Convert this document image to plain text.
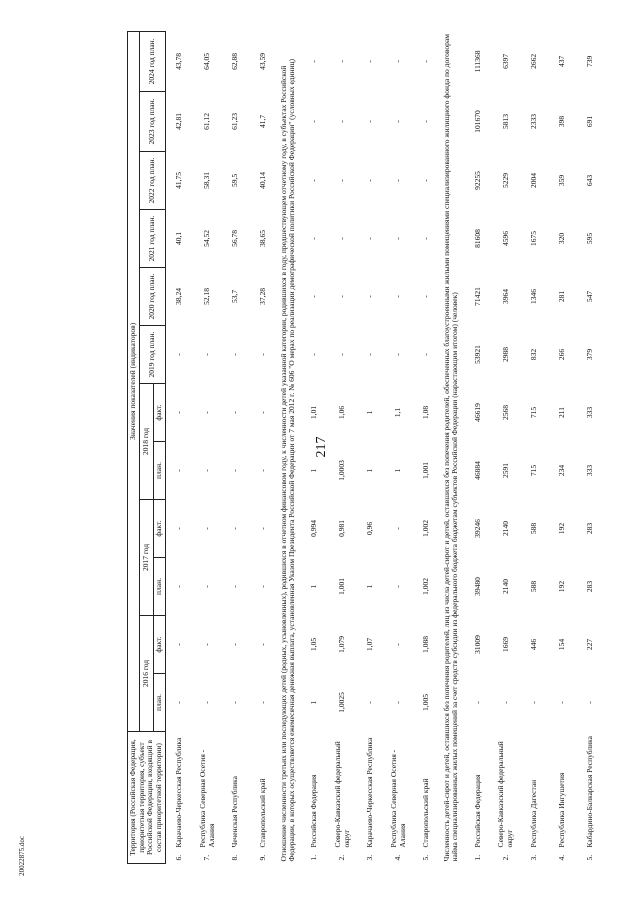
217
20022875.doc
Территория (Российская Федерация, приоритетная территория, субъект Российской Федерации, входящий в состав приоритетной территории)		Значения показателей (индикаторов)											
		2016 год		2017 год		2018 год		2019 год план.	2020 год план.	2021 год план.	2022 год план.	2023 год план.	2024 год план.
		план.	факт.	план.	факт.	план.	факт.						
6.	Карачаево-Черкесская Республика	-	-	-	-	-	-	-	38,24	40,1	41,75	42,81	43,78
7.	Республика Северная Осетия - Алания	-	-	-	-	-	-	-	52,18	54,52	58,31	61,12	64,05
8.	Чеченская Республика	-	-	-	-	-	-	-	53,7	56,78	59,5	61,23	62,88
9.	Ставропольский край	-	-	-	-	-	-	-	37,28	38,65	40,14	41,7	43,59
Отношение численности третьих или последующих детей (родных, усыновленных), родившихся в отчетном финансовом году, к численности детей указанной категории, родившихся в году, предшествующем отчетному году, в субъектах Российской Федерации, в которых осуществляется ежемесячная денежная выплата, установленная Указом Президента Российской Федерации от 7 мая 2012 г. № 606 "О мерах по реализации демографической политики Российской Федерации" (условных единиц)													
1.	Российская Федерация	1	1,05	1	0,994	1	1,01	-	-	-	-	-	-
2.	Северо-Кавказский федеральный округ	1,0025	1,079	1,001	0,981	1,0003	1,06	-	-	-	-	-	-
3.	Карачаево-Черкесская Республика	-	1,07	1	0,96	1	1	-	-	-	-	-	-
4.	Республика Северная Осетия - Алания	-	-	-	-	1	1,1	-	-	-	-	-	-
5.	Ставропольский край	1,005	1,088	1,002	1,002	1,001	1,08	-	-	-	-	-	-
Численность детей-сирот и детей, оставшихся без попечения родителей, лиц из числа детей-сирот и детей, оставшихся без попечения родителей, обеспеченных благоустроенными жилыми помещениями специализированного жилищного фонда по договорам найма специализированных жилых помещений за счет средств субсидии из федерального бюджета бюджетам субъектов Российской Федерации (нарастающим итогом) (человек)													
1.	Российская Федерация	-	31009	39480	39246	46884	46619	53921	71421	81608	92255	101670	111368
2.	Северо-Кавказский федеральный округ	-	1669	2140	2140	2591	2568	2988	3964	4596	5229	5813	6397
3.	Республика Дагестан	-	446	588	588	715	715	832	1346	1675	2004	2333	2662
4.	Республика Ингушетия	-	154	192	192	234	211	266	281	320	359	398	437
5.	Кабардино-Балкарская Республика	-	227	283	283	333	333	379	547	595	643	691	739
